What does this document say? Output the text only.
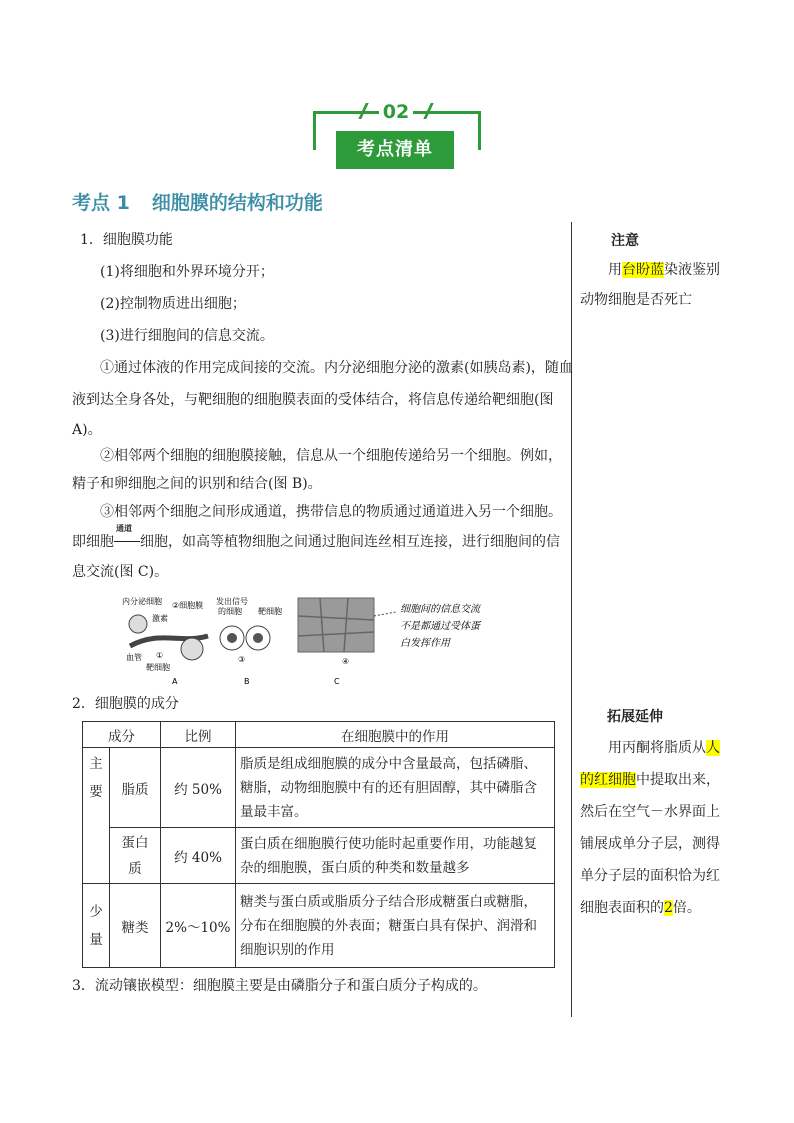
02
考点清单
考点 1 细胞膜的结构和功能
1．细胞膜功能
(1)将细胞和外界环境分开；
(2)控制物质进出细胞；
(3)进行细胞间的信息交流。
①通过体液的作用完成间接的交流。内分泌细胞分泌的激素(如胰岛素)，随血
液到达全身各处，与靶细胞的细胞膜表面的受体结合，将信息传递给靶细胞(图
A)。
②相邻两个细胞的细胞膜接触，信息从一个细胞传递给另一个细胞。例如，
精子和卵细胞之间的识别和结合(图 B)。
③相邻两个细胞之间形成通道，携带信息的物质通过通道进入另一个细胞。
即细胞
通道
细胞，如高等植物细胞之间通过胞间连丝相互连接，进行细胞间的信
息交流(图 C)。
内分泌细胞 ②细胞膜
激素
血管 ①
靶细胞
A
发出信号
的细胞 靶细胞
③
B
④
C
细胞间的信息交流
不是都通过受体蛋
白发挥作用
2．细胞膜的成分
成分		比例	在细胞膜中的作用
主要	脂质	约 50%	脂质是组成细胞膜的成分中含量最高，包括磷脂、糖脂，动物细胞膜中有的还有胆固醇，其中磷脂含量最丰富。
	蛋白质	约 40%	蛋白质在细胞膜行使功能时起重要作用，功能越复杂的细胞膜，蛋白质的种类和数量越多
少量	糖类	2%～10%	糖类与蛋白质或脂质分子结合形成糖蛋白或糖脂，分布在细胞膜的外表面；糖蛋白具有保护、润滑和细胞识别的作用
3．流动镶嵌模型：细胞膜主要是由磷脂分子和蛋白质分子构成的。
注意
用台盼蓝染液鉴别
动物细胞是否死亡
拓展延伸
用丙酮将脂质从人
的红细胞中提取出来，
然后在空气－水界面上
铺展成单分子层，测得
单分子层的面积恰为红
细胞表面积的2倍。
